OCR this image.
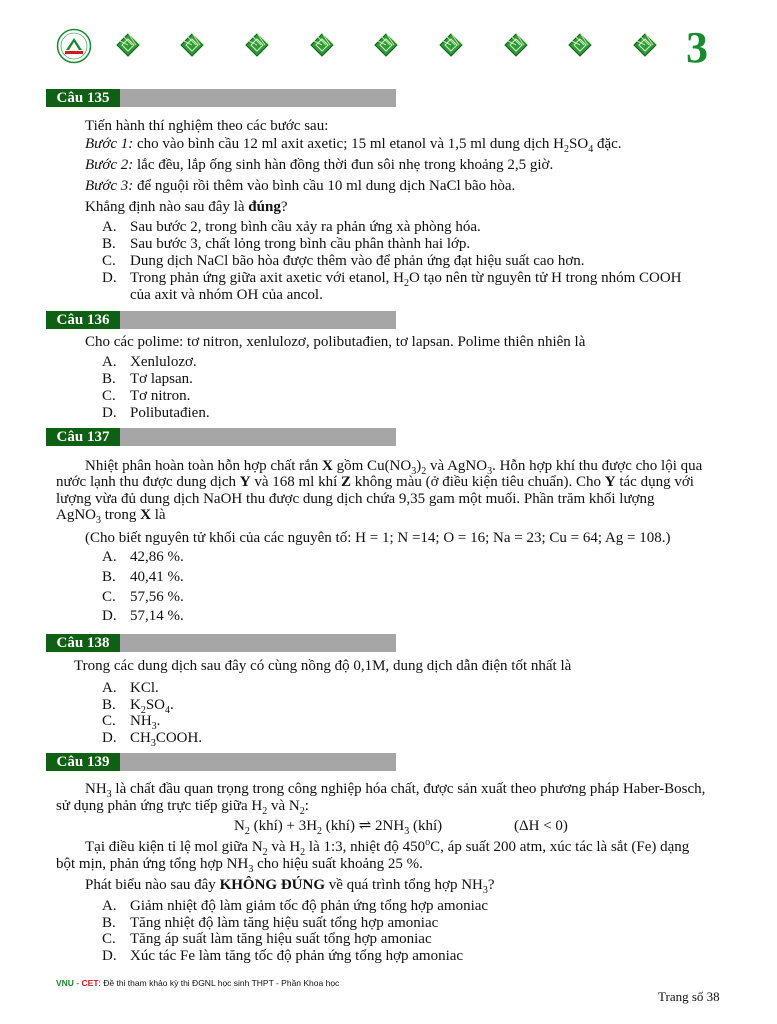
3
Câu 135
Tiến hành thí nghiệm theo các bước sau:
Bước 1: cho vào bình cầu 12 ml axit axetic; 15 ml etanol và 1,5 ml dung dịch $H_2SO_4$ đặc.
Bước 2: lắc đều, lắp ống sinh hàn đồng thời đun sôi nhẹ trong khoảng 2,5 giờ.
Bước 3: để nguội rồi thêm vào bình cầu 10 ml dung dịch NaCl bão hòa.
Khẳng định nào sau đây là đúng?
A. Sau bước 2, trong bình cầu xảy ra phản ứng xà phòng hóa.
B. Sau bước 3, chất lỏng trong bình cầu phân thành hai lớp.
C. Dung dịch NaCl bão hòa được thêm vào để phản ứng đạt hiệu suất cao hơn.
D. Trong phản ứng giữa axit axetic với etanol, $H_2O$ tạo nên từ nguyên tử H trong nhóm COOH
của axit và nhóm OH của ancol.
Câu 136
Cho các polime: tơ nitron, xenlulozơ, polibutađien, tơ lapsan. Polime thiên nhiên là
A. Xenlulozơ.
B. Tơ lapsan.
C. Tơ nitron.
D. Polibutađien.
Câu 137
Nhiệt phân hoàn toàn hỗn hợp chất rắn X gồm $Cu(NO_3)_2$ và AgNO$_3$. Hỗn hợp khí thu được cho lội qua
nước lạnh thu được dung dịch Y và 168 ml khí Z không màu (ở điều kiện tiêu chuẩn). Cho Y tác dụng với
lượng vừa đủ dung dịch NaOH thu được dung dịch chứa 9,35 gam một muối. Phần trăm khối lượng
AgNO$_3$ trong X là
(Cho biết nguyên tử khối của các nguyên tố: H = 1; N =14; O = 16; Na = 23; Cu = 64; Ag = 108.)
A. 42,86 %.
B. 40,41 %.
C. 57,56 %.
D. 57,14 %.
Câu 138
Trong các dung dịch sau đây có cùng nồng độ 0,1M, dung dịch dẫn điện tốt nhất là
A. KCl.
B. $K_2SO_4$.
C. $NH_3$.
D. $CH_3COOH$.
Câu 139
$NH_3$ là chất đầu quan trọng trong công nghiệp hóa chất, được sản xuất theo phương pháp Haber-Bosch,
sử dụng phản ứng trực tiếp giữa $H_2$ và $N_2$:
$N_2$ (khí) + $3H_2$ (khí) ⇌ $2NH_3$ (khí)	(ΔH < 0)
Tại điều kiện tỉ lệ mol giữa $N_2$ và $H_2$ là 1:3, nhiệt độ 450$^o$C, áp suất 200 atm, xúc tác là sắt (Fe) dạng
bột mịn, phản ứng tổng hợp $NH_3$ cho hiệu suất khoảng 25 %.
Phát biểu nào sau đây KHÔNG ĐÚNG về quá trình tổng hợp $NH_3$?
A. Giảm nhiệt độ làm giảm tốc độ phản ứng tổng hợp amoniac
B. Tăng nhiệt độ làm tăng hiệu suất tổng hợp amoniac
C. Tăng áp suất làm tăng hiệu suất tổng hợp amoniac
D. Xúc tác Fe làm tăng tốc độ phản ứng tổng hợp amoniac
VNU - CET: Đề thi tham khảo kỳ thi ĐGNL học sinh THPT - Phần Khoa học
Trang số 38
